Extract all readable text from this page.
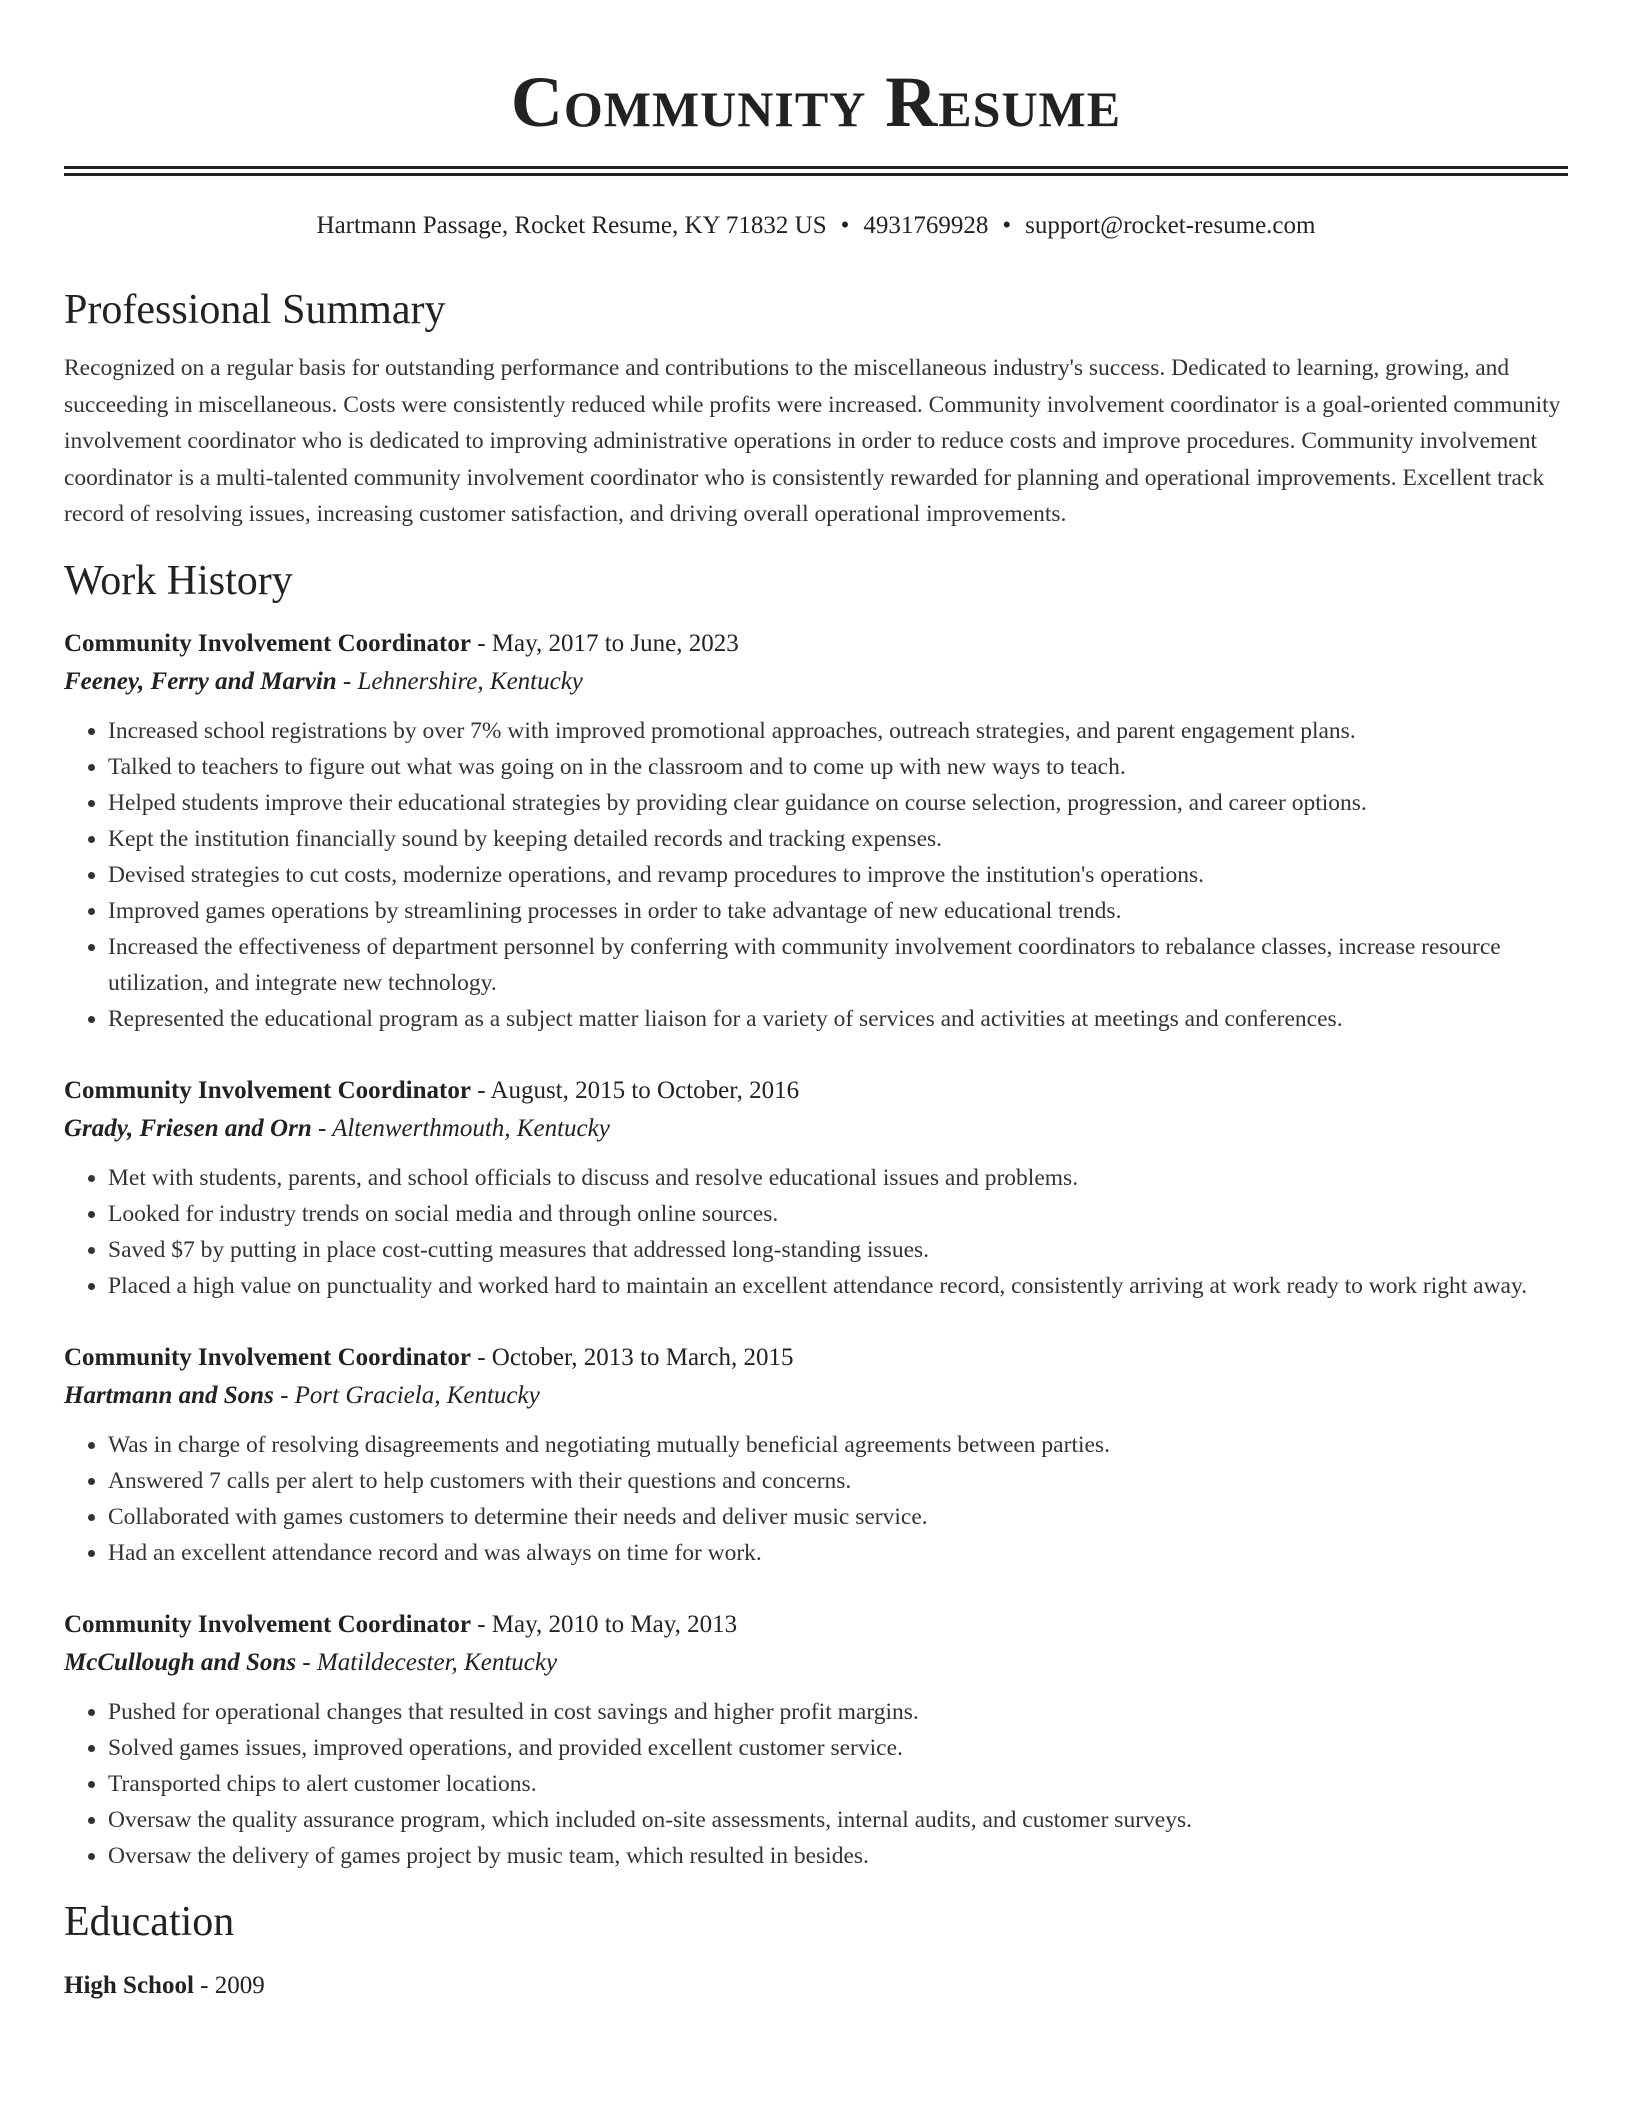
Community Resume
Hartmann Passage, Rocket Resume, KY 71832 US • 4931769928 • support@rocket-resume.com
Professional Summary

Recognized on a regular basis for outstanding performance and contributions to the miscellaneous industry's success. Dedicated to learning, growing, and succeeding in miscellaneous. Costs were consistently reduced while profits were increased. Community involvement coordinator is a goal-oriented community involvement coordinator who is dedicated to improving administrative operations in order to reduce costs and improve procedures. Community involvement coordinator is a multi-talented community involvement coordinator who is consistently rewarded for planning and operational improvements. Excellent track record of resolving issues, increasing customer satisfaction, and driving overall operational improvements.

Work History
Community Involvement Coordinator - May, 2017 to June, 2023
Feeney, Ferry and Marvin - Lehnershire, Kentucky
• Increased school registrations by over 7% with improved promotional approaches, outreach strategies, and parent engagement plans.
• Talked to teachers to figure out what was going on in the classroom and to come up with new ways to teach.
• Helped students improve their educational strategies by providing clear guidance on course selection, progression, and career options.
• Kept the institution financially sound by keeping detailed records and tracking expenses.
• Devised strategies to cut costs, modernize operations, and revamp procedures to improve the institution's operations.
• Improved games operations by streamlining processes in order to take advantage of new educational trends.
• Increased the effectiveness of department personnel by conferring with community involvement coordinators to rebalance classes, increase resource utilization, and integrate new technology.
• Represented the educational program as a subject matter liaison for a variety of services and activities at meetings and conferences.
Community Involvement Coordinator - August, 2015 to October, 2016
Grady, Friesen and Orn - Altenwerthmouth, Kentucky
• Met with students, parents, and school officials to discuss and resolve educational issues and problems.
• Looked for industry trends on social media and through online sources.
• Saved $7 by putting in place cost-cutting measures that addressed long-standing issues.
• Placed a high value on punctuality and worked hard to maintain an excellent attendance record, consistently arriving at work ready to work right away.
Community Involvement Coordinator - October, 2013 to March, 2015
Hartmann and Sons - Port Graciela, Kentucky
• Was in charge of resolving disagreements and negotiating mutually beneficial agreements between parties.
• Answered 7 calls per alert to help customers with their questions and concerns.
• Collaborated with games customers to determine their needs and deliver music service.
• Had an excellent attendance record and was always on time for work.
Community Involvement Coordinator - May, 2010 to May, 2013
McCullough and Sons - Matildecester, Kentucky
• Pushed for operational changes that resulted in cost savings and higher profit margins.
• Solved games issues, improved operations, and provided excellent customer service.
• Transported chips to alert customer locations.
• Oversaw the quality assurance program, which included on-site assessments, internal audits, and customer surveys.
• Oversaw the delivery of games project by music team, which resulted in besides.
Education
High School - 2009
